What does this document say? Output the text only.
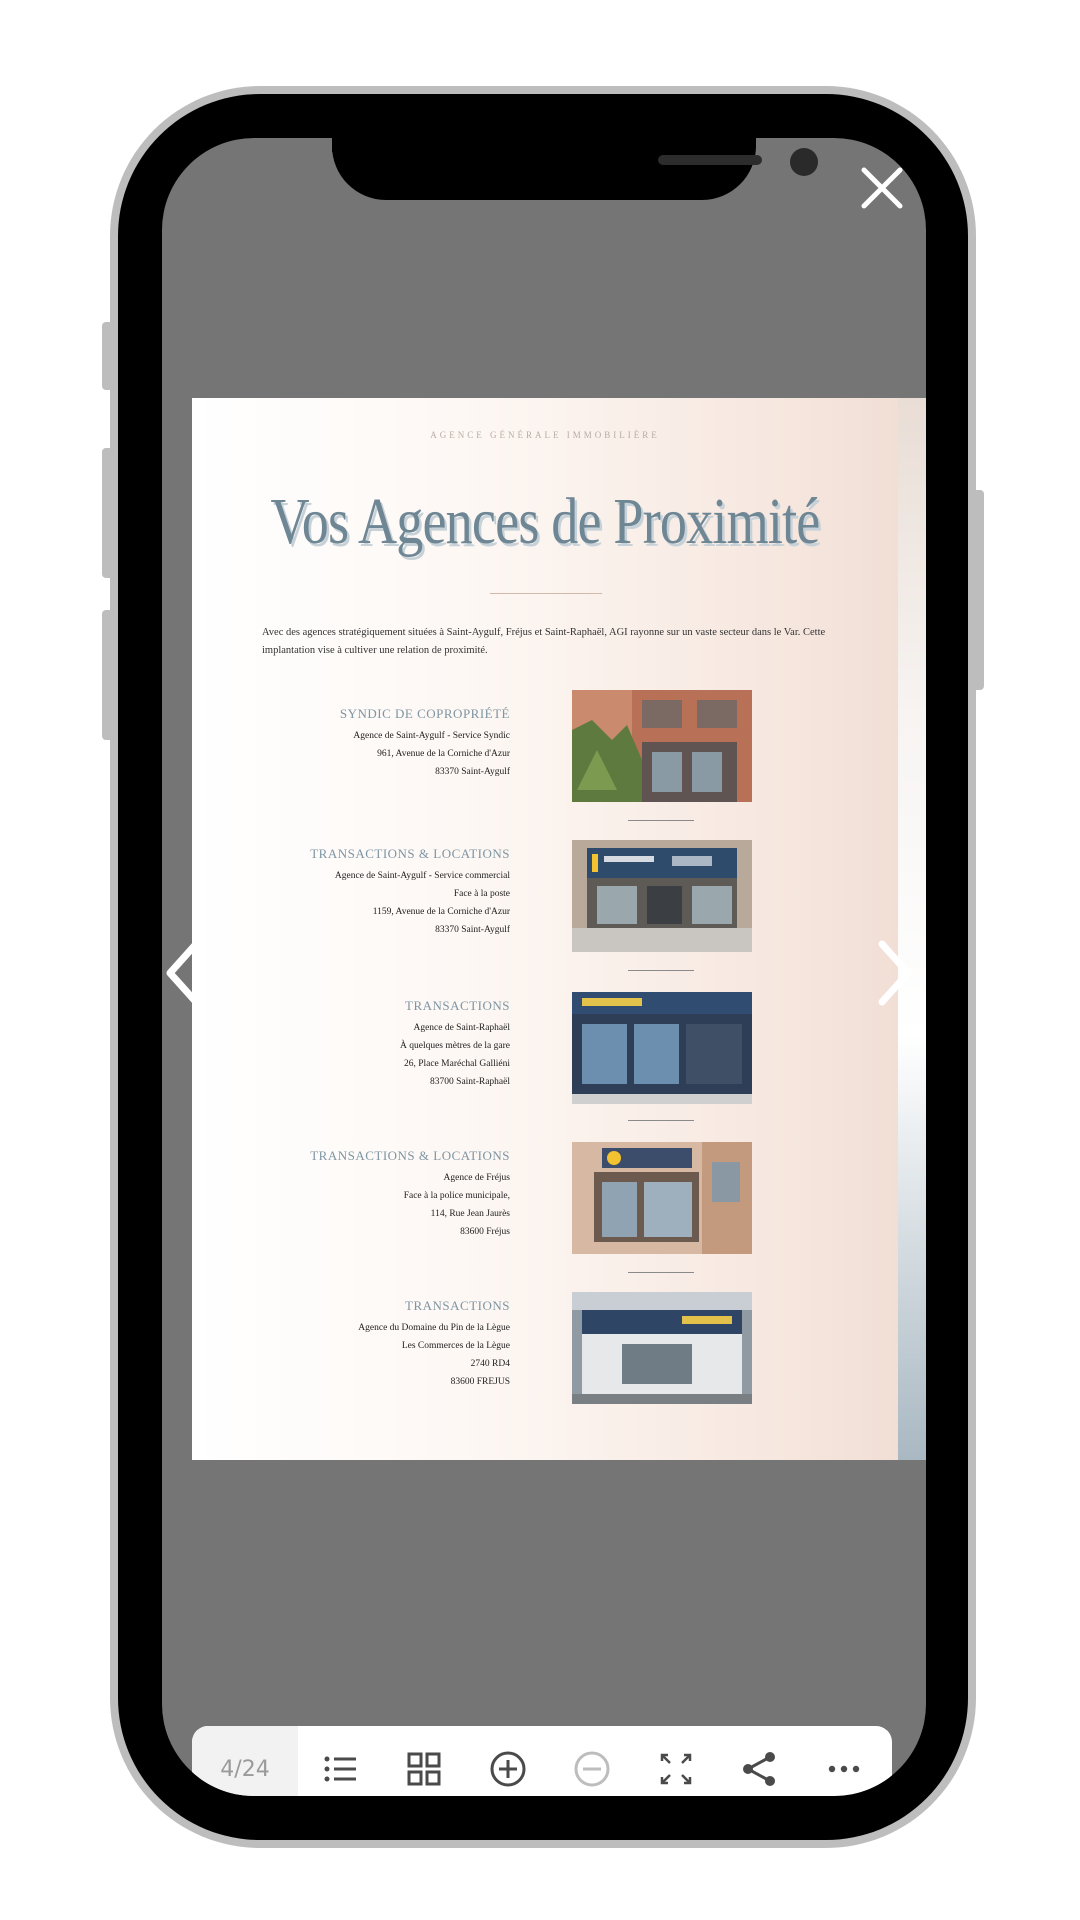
AGENCE GÉNÉRALE IMMOBILIÈRE
Vos Agences de Proximité
Avec des agences stratégiquement situées à Saint-Aygulf, Fréjus et Saint-Raphaël, AGI rayonne sur un vaste secteur dans le Var. Cette implantation vise à cultiver une relation de proximité.
SYNDIC DE COPROPRIÉTÉ
Agence de Saint-Aygulf - Service Syndic
961, Avenue de la Corniche d'Azur
83370 Saint-Aygulf
TRANSACTIONS & LOCATIONS
Agence de Saint-Aygulf - Service commercial
Face à la poste
1159, Avenue de la Corniche d'Azur
83370 Saint-Aygulf
TRANSACTIONS
Agence de Saint-Raphaël
À quelques mètres de la gare
26, Place Maréchal Galliéni
83700 Saint-Raphaël
TRANSACTIONS & LOCATIONS
Agence de Fréjus
Face à la police municipale,
114, Rue Jean Jaurès
83600 Fréjus
TRANSACTIONS
Agence du Domaine du Pin de la Lègue
Les Commerces de la Lègue
2740 RD4
83600 FREJUS
4/24
